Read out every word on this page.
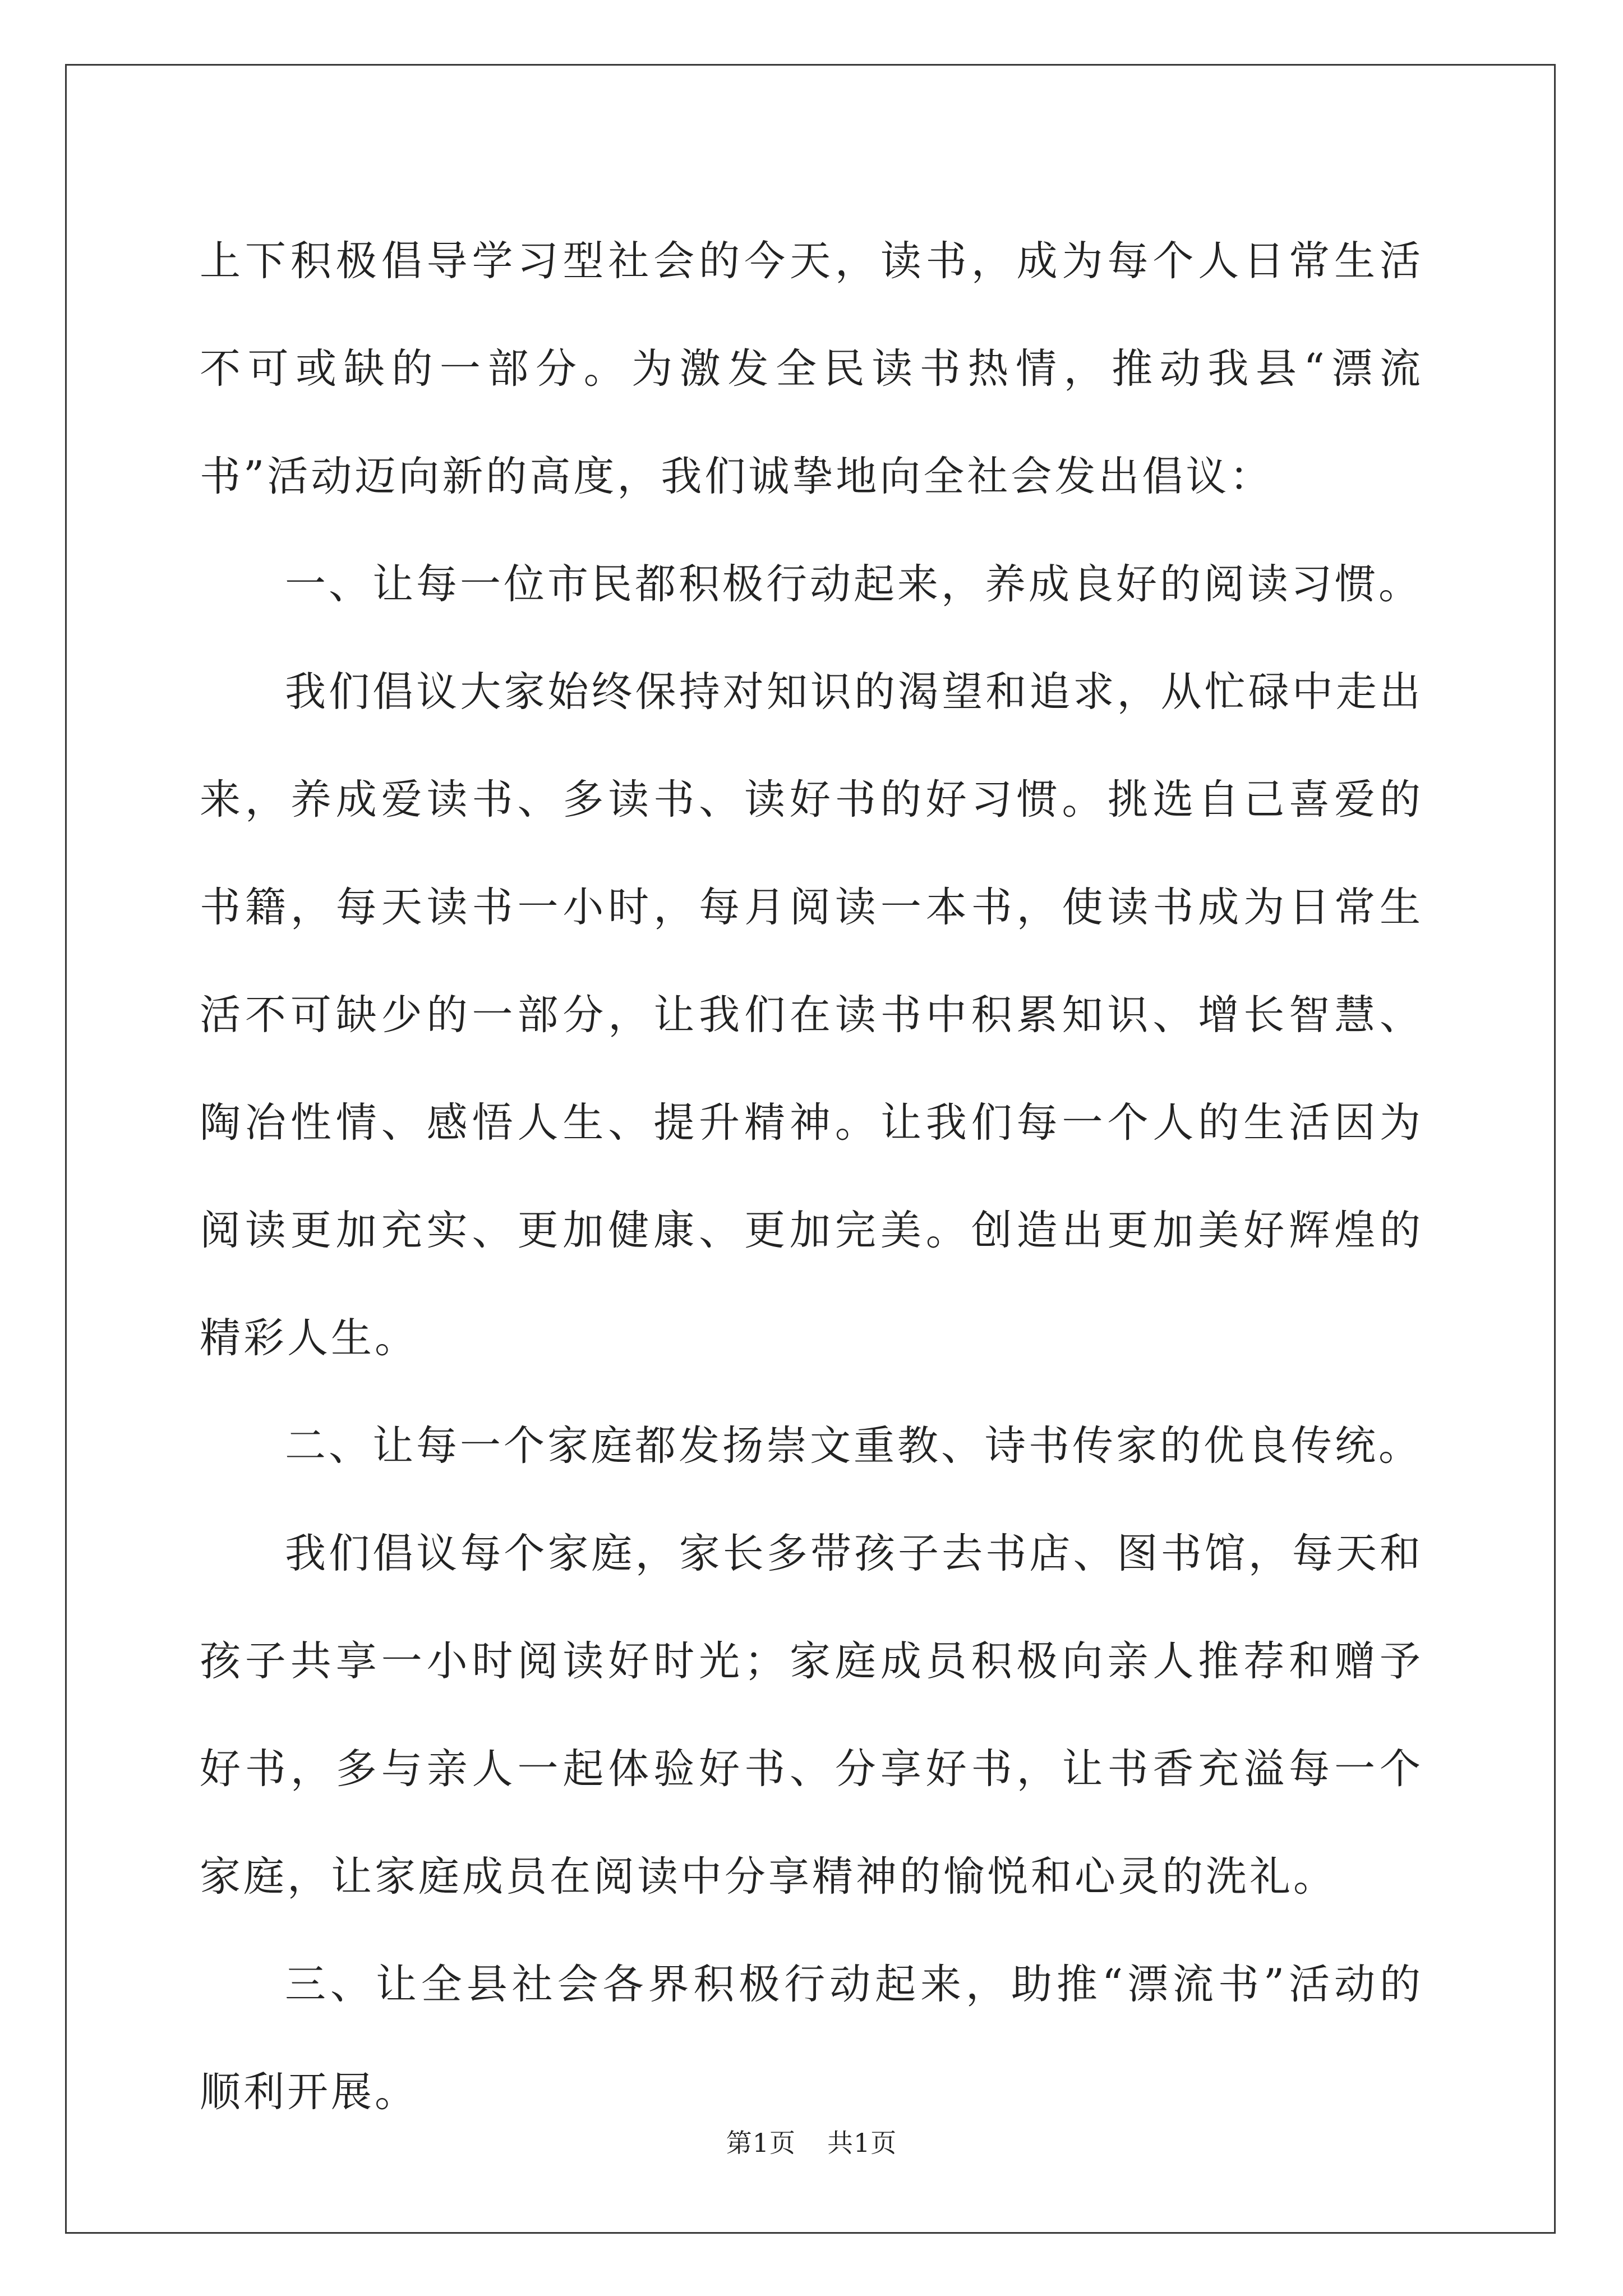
上下积极倡导学习型社会的今天，读书，成为每个人日常生活不可或缺的一部分。为激发全民读书热情，推动我县“漂流书”活动迈向新的高度，我们诚挚地向全社会发出倡议：

一、让每一位市民都积极行动起来，养成良好的阅读习惯。

我们倡议大家始终保持对知识的渴望和追求，从忙碌中走出来，养成爱读书、多读书、读好书的好习惯。挑选自己喜爱的书籍，每天读书一小时，每月阅读一本书，使读书成为日常生活不可缺少的一部分，让我们在读书中积累知识、增长智慧、陶冶性情、感悟人生、提升精神。让我们每一个人的生活因为阅读更加充实、更加健康、更加完美。创造出更加美好辉煌的精彩人生。

二、让每一个家庭都发扬崇文重教、诗书传家的优良传统。

我们倡议每个家庭，家长多带孩子去书店、图书馆，每天和孩子共享一小时阅读好时光；家庭成员积极向亲人推荐和赠予好书，多与亲人一起体验好书、分享好书，让书香充溢每一个家庭，让家庭成员在阅读中分享精神的愉悦和心灵的洗礼。

三、让全县社会各界积极行动起来，助推“漂流书”活动的顺利开展。

第1页 共1页
